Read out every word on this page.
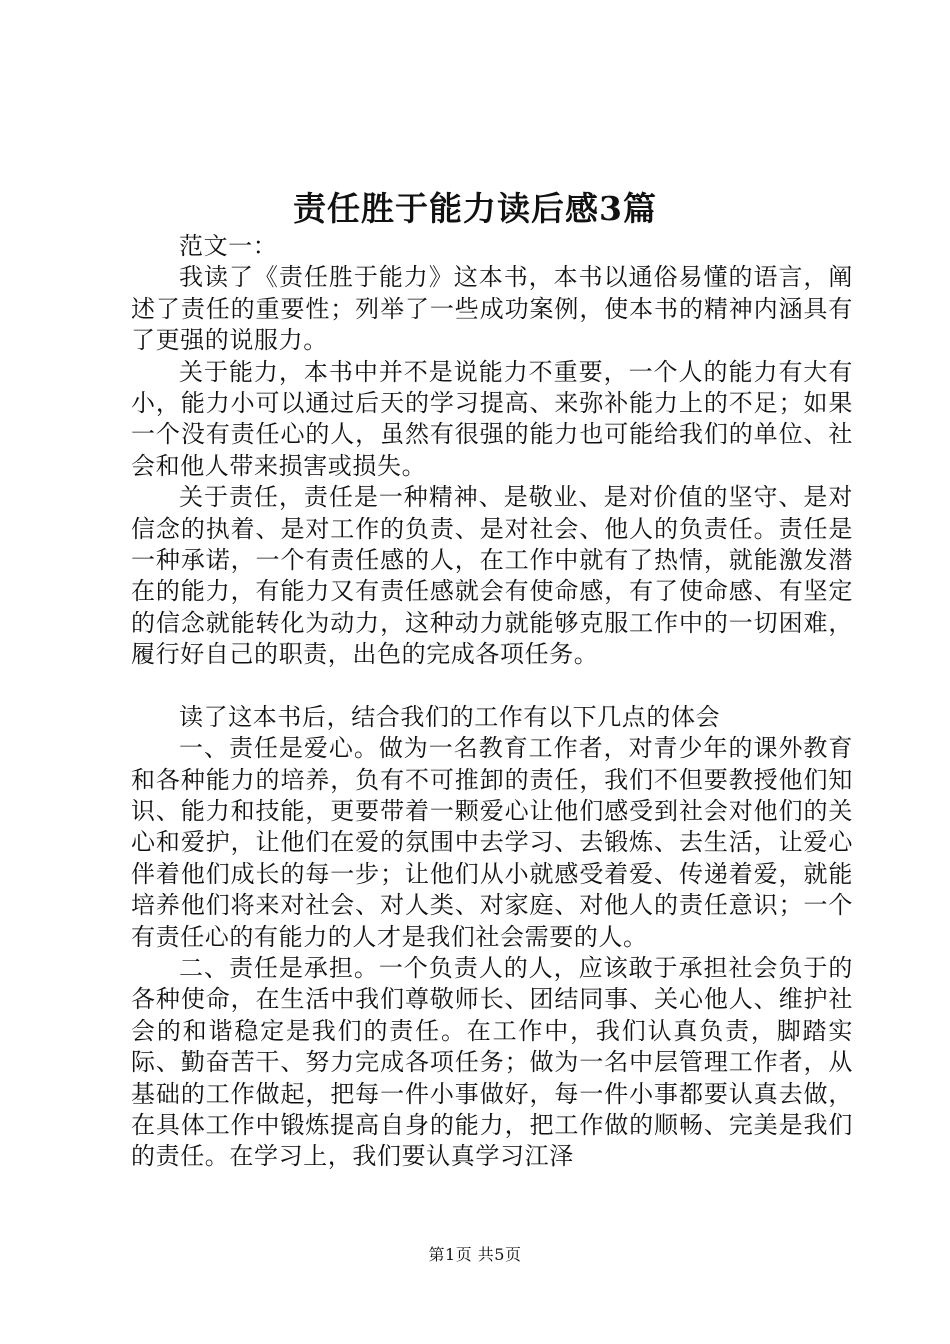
责任胜于能力读后感3篇

范文一：

我读了《责任胜于能力》这本书，本书以通俗易懂的语言，阐述了责任的重要性；列举了一些成功案例，使本书的精神内涵具有了更强的说服力。

关于能力，本书中并不是说能力不重要，一个人的能力有大有小，能力小可以通过后天的学习提高、来弥补能力上的不足；如果一个没有责任心的人，虽然有很强的能力也可能给我们的单位、社会和他人带来损害或损失。

关于责任，责任是一种精神、是敬业、是对价值的坚守、是对信念的执着、是对工作的负责、是对社会、他人的负责任。责任是一种承诺，一个有责任感的人，在工作中就有了热情，就能激发潜在的能力，有能力又有责任感就会有使命感，有了使命感、有坚定的信念就能转化为动力，这种动力就能够克服工作中的一切困难，履行好自己的职责，出色的完成各项任务。

读了这本书后，结合我们的工作有以下几点的体会

一、责任是爱心。做为一名教育工作者，对青少年的课外教育和各种能力的培养，负有不可推卸的责任，我们不但要教授他们知识、能力和技能，更要带着一颗爱心让他们感受到社会对他们的关心和爱护，让他们在爱的氛围中去学习、去锻炼、去生活，让爱心伴着他们成长的每一步；让他们从小就感受着爱、传递着爱，就能培养他们将来对社会、对人类、对家庭、对他人的责任意识；一个有责任心的有能力的人才是我们社会需要的人。

二、责任是承担。一个负责人的人，应该敢于承担社会负于的各种使命，在生活中我们尊敬师长、团结同事、关心他人、维护社会的和谐稳定是我们的责任。在工作中，我们认真负责，脚踏实际、勤奋苦干、努力完成各项任务；做为一名中层管理工作者，从基础的工作做起，把每一件小事做好，每一件小事都要认真去做，在具体工作中锻炼提高自身的能力，把工作做的顺畅、完美是我们的责任。在学习上，我们要认真学习江泽

第1页 共5页
